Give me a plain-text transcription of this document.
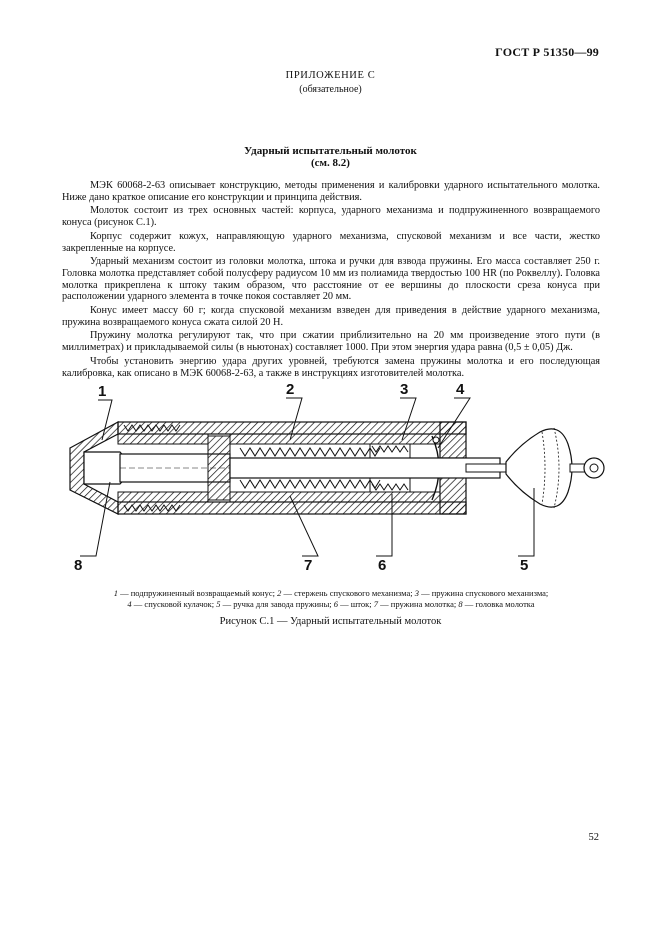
ГОСТ Р 51350—99
ПРИЛОЖЕНИЕ С
(обязательное)
Ударный испытательный молоток
(см. 8.2)

МЭК 60068-2-63 описывает конструкцию, методы применения и калибровки ударного испытательного молотка. Ниже дано краткое описание его конструкции и принципа действия.

Молоток состоит из трех основных частей: корпуса, ударного механизма и подпружиненного возвращаемого конуса (рисунок С.1).

Корпус содержит кожух, направляющую ударного механизма, спусковой механизм и все части, жестко закрепленные на корпусе.

Ударный механизм состоит из головки молотка, штока и ручки для взвода пружины. Его масса составляет 250 г. Головка молотка представляет собой полусферу радиусом 10 мм из полиамида твердостью 100 HR (по Роквеллу). Головка молотка прикреплена к штоку таким образом, что расстояние от ее вершины до плоскости среза конуса при расположении ударного элемента в точке покоя составляет 20 мм.

Конус имеет массу 60 г; когда спусковой механизм взведен для приведения в действие ударного механизма, пружина возвращаемого конуса сжата силой 20 Н.

Пружину молотка регулируют так, что при сжатии приблизительно на 20 мм произведение этого пути (в миллиметрах) и прикладываемой силы (в ньютонах) составляет 1000. При этом энергия удара равна (0,5 ± 0,05) Дж.

Чтобы установить энергию удара других уровней, требуются замена пружины молотка и его последующая калибровка, как описано в МЭК 60068-2-63, а также в инструкциях изготовителей молотка.

1	2	3	4
5
6
7
8
1 — подпружиненный возвращаемый конус; 2 — стержень спускового механизма; 3 — пружина спускового механизма;
4 — спусковой кулачок; 5 — ручка для завода пружины; 6 — шток; 7 — пружина молотка; 8 — головка молотка
Рисунок С.1 — Ударный испытательный молоток
52
